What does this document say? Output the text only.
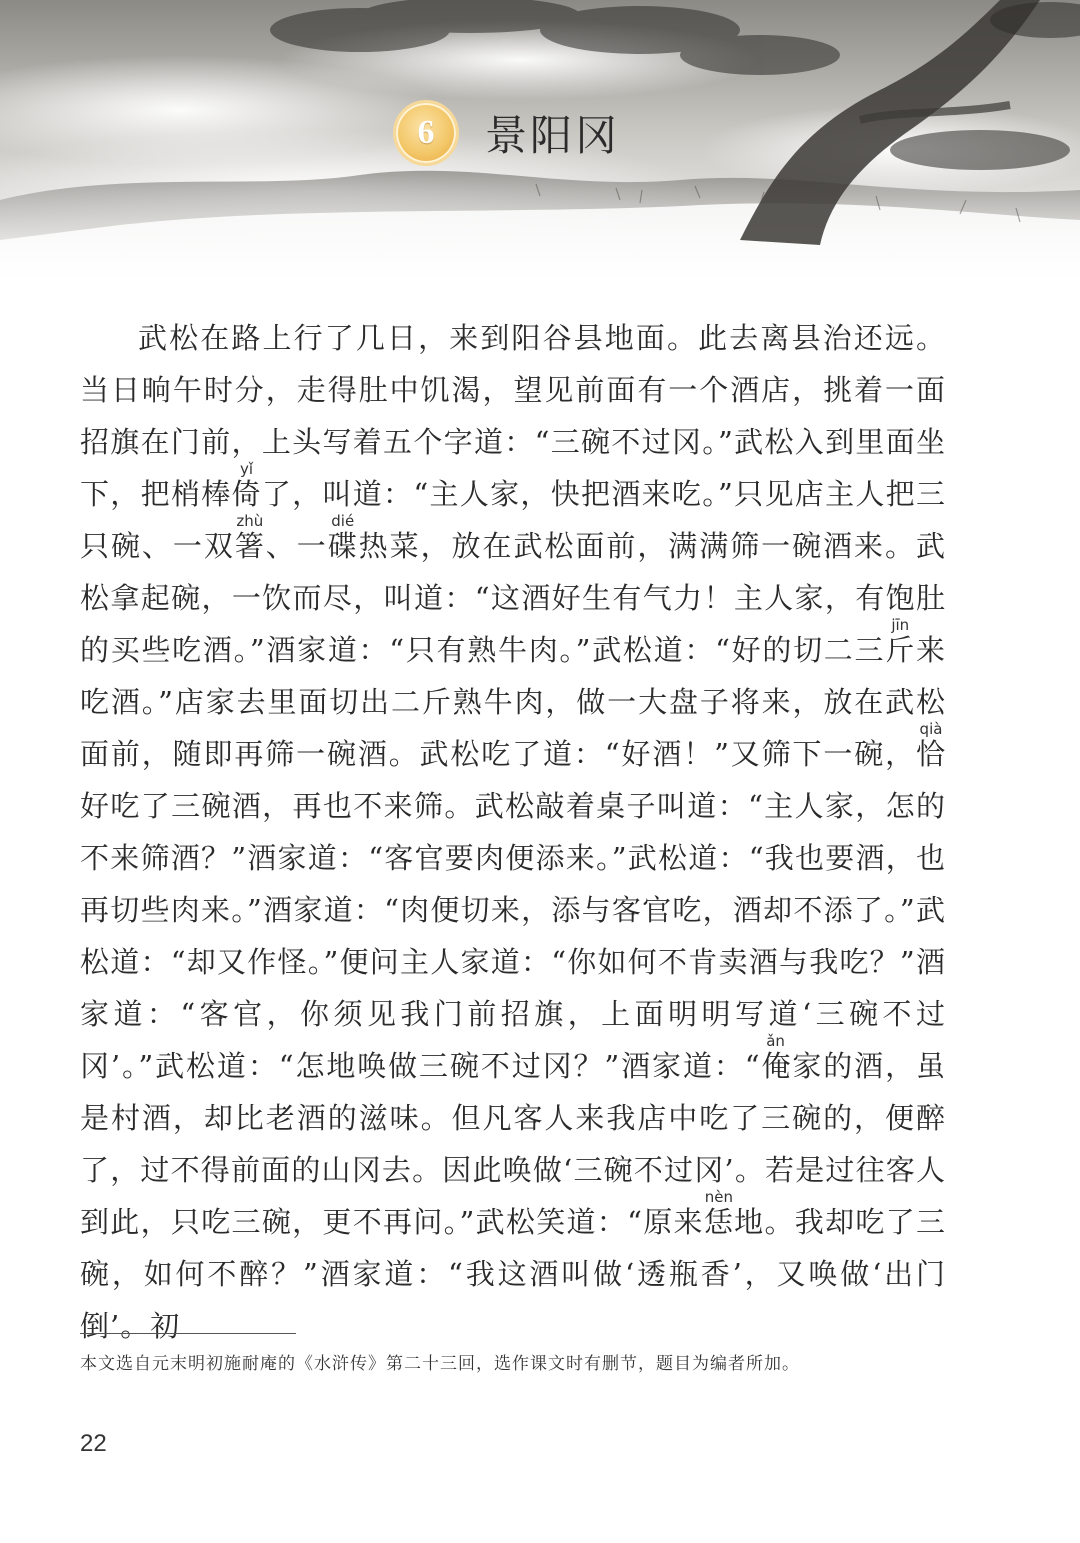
6	景阳冈

武松在路上行了几日，来到阳谷县地面。此去离县治还远。当日晌午时分，走得肚中饥渴，望见前面有一个酒店，挑着一面招旗在门前，上头写着五个字道：“三碗不过冈。”武松入到里面坐下，把梢棒倚yǐ了，叫道：“主人家，快把酒来吃。”只见店主人把三只碗、一双箸zhù、一碟dié热菜，放在武松面前，满满筛一碗酒来。武松拿起碗，一饮而尽，叫道：“这酒好生有气力！主人家，有饱肚的买些吃酒。”酒家道：“只有熟牛肉。”武松道：“好的切二三斤jīn来吃酒。”店家去里面切出二斤熟牛肉，做一大盘子将来，放在武松面前，随即再筛一碗酒。武松吃了道：“好酒！”又筛下一碗，恰qià好吃了三碗酒，再也不来筛。武松敲着桌子叫道：“主人家，怎的不来筛酒？”酒家道：“客官要肉便添来。”武松道：“我也要酒，也再切些肉来。”酒家道：“肉便切来，添与客官吃，酒却不添了。”武松道：“却又作怪。”便问主人家道：“你如何不肯卖酒与我吃？”酒家道：“客官，你须见我门前招旗，上面明明写道‘三碗不过冈’。”武松道：“怎地唤做三碗不过冈？”酒家道：“俺ǎn家的酒，虽是村酒，却比老酒的滋味。但凡客人来我店中吃了三碗的，便醉了，过不得前面的山冈去。因此唤做‘三碗不过冈’。若是过往客人到此，只吃三碗，更不再问。”武松笑道：“原来恁nèn地。我却吃了三碗，如何不醉？”酒家道：“我这酒叫做‘透瓶香’，又唤做‘出门倒’。初

本文选自元末明初施耐庵的《水浒传》第二十三回，选作课文时有删节，题目为编者所加。
22
